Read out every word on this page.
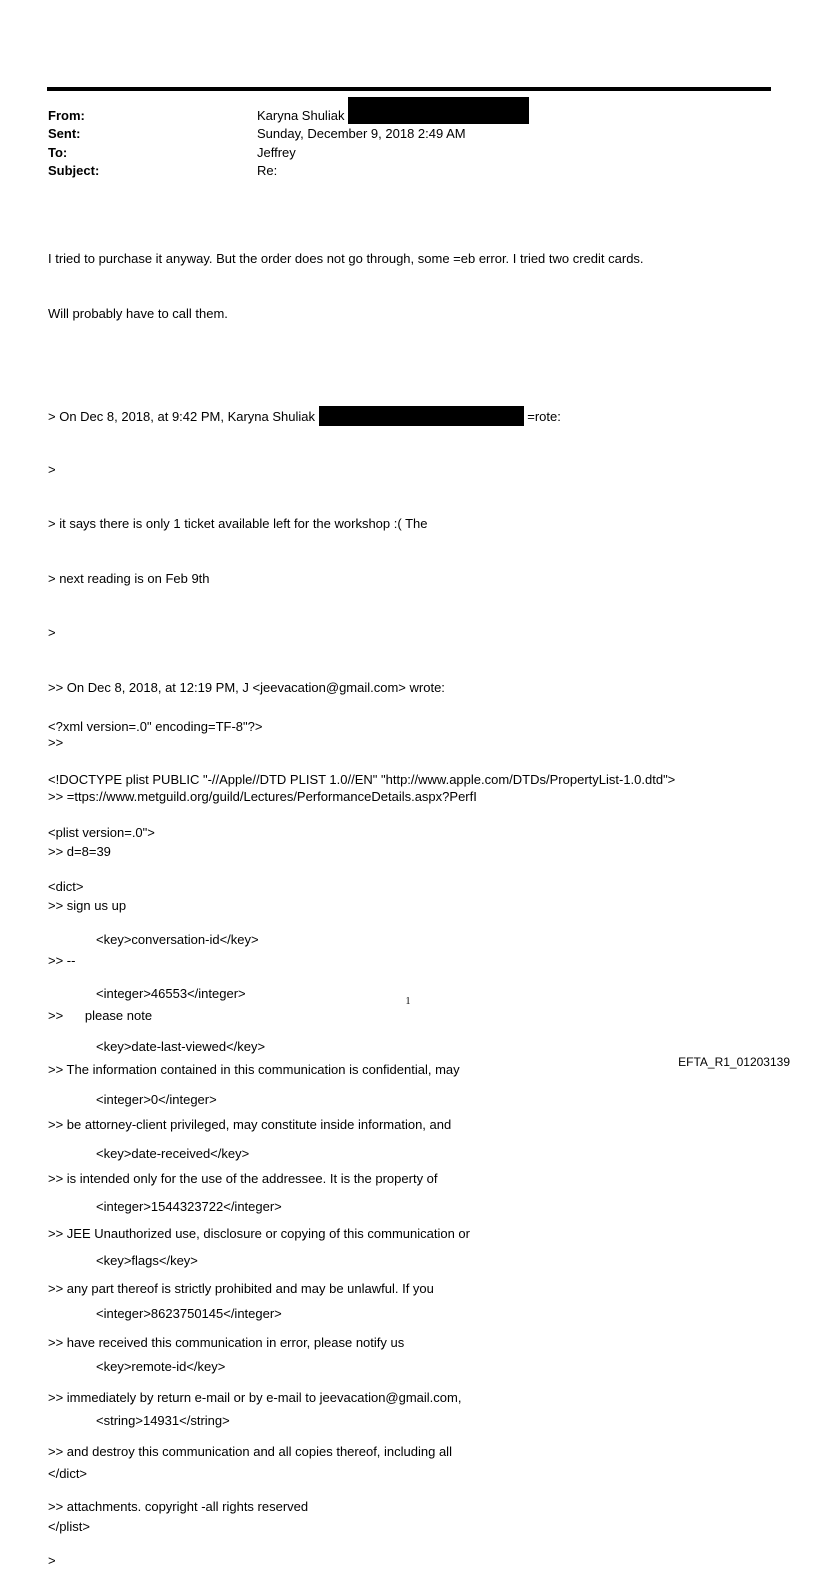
From:	Karyna Shuliak
Sent:	Sunday, December 9, 2018 2:49 AM
To:	Jeffrey
Subject:	Re:

I tried to purchase it anyway. But the order does not go through, some =eb error. I tried two credit cards.

Will probably have to call them.

> On Dec 8, 2018, at 9:42 PM, Karyna Shuliak	=rote:

>

> it says there is only 1 ticket available left for the workshop :( The

> next reading is on Feb 9th

>

>> On Dec 8, 2018, at 12:19 PM, J <jeevacation@gmail.com> wrote:

>>

>> =ttps://www.metguild.org/guild/Lectures/PerformanceDetails.aspx?PerfI

>> d=8=39

>> sign us up

>> --

>>      please note

>> The information contained in this communication is confidential, may

>> be attorney-client privileged, may constitute inside information, and

>> is intended only for the use of the addressee. It is the property of

>> JEE Unauthorized use, disclosure or copying of this communication or

>> any part thereof is strictly prohibited and may be unlawful. If you

>> have received this communication in error, please notify us

>> immediately by return e-mail or by e-mail to jeevacation@gmail.com,

>> and destroy this communication and all copies thereof, including all

>> attachments. copyright -all rights reserved

>

<?xml version=.0" encoding=TF-8"?>

<!DOCTYPE plist PUBLIC "-//Apple//DTD PLIST 1.0//EN" "http://www.apple.com/DTDs/PropertyList-1.0.dtd">

<plist version=.0">

<dict>

<key>conversation-id</key>

<integer>46553</integer>

<key>date-last-viewed</key>

<integer>0</integer>

<key>date-received</key>

<integer>1544323722</integer>

<key>flags</key>

<integer>8623750145</integer>

<key>remote-id</key>

<string>14931</string>

</dict>

</plist>

1
EFTA_R1_01203139
